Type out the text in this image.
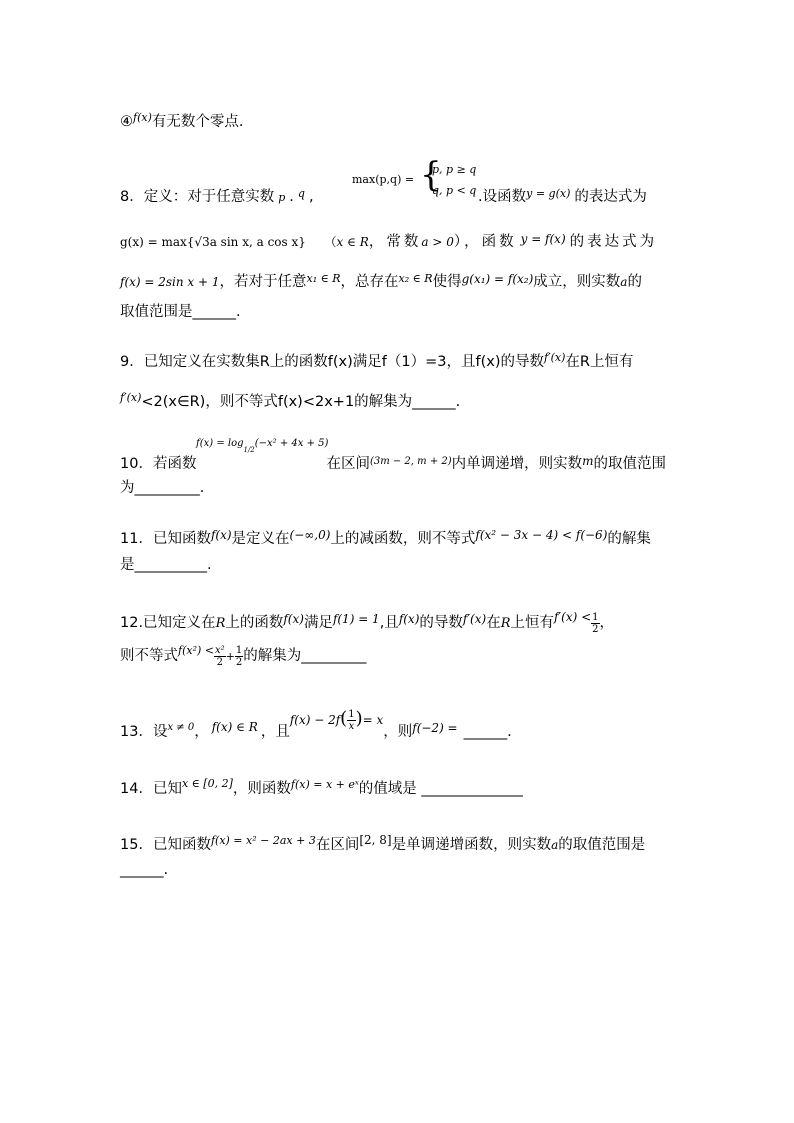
④$^{f(x)}$有无数个零点.
8．定义：对于任意实数 p . $^q$ ,
max(p,q) = {
p, p ≥ q
q, p < q .设函数$^{y = g(x)}$ 的表达式为
g(x) = max{√3a sin x, a cos x} （x ∈ R，常数a > 0），函数 $^{y = f(x)}$ 的表达式为
f(x) = 2sin x + 1，若对于任意$^{x_1 \in R}$，总存在$^{x_2 \in R}$使得$^{g(x_1) = f(x_2)}$成立，则实数a的
取值范围是______.
9．已知定义在实数集R上的函数f(x)满足f（1）=3，且f(x)的导数$^{f'(x)}$在R上恒有
$^{f'(x)}$<2(x∈R)，则不等式f(x)<2x+1的解集为______.
$f(x) = \log_{1/2}(-x^2 + 4x + 5)$
10．若函数	在区间$^{(3m - 2, m + 2)}$内单调递增，则实数$^m$的取值范围
为_________.
11．已知函数$^{f(x)}$是定义在$^{(-\infty,0)}$上的减函数，则不等式$^{f(x^2 - 3x - 4) < f(-6)}$的解集
是__________.
12.已知定义在R上的函数$^{f(x)}$满足$^{f(1) = 1}$,且$^{f(x)}$的导数$^{f'(x)}$在R上恒有$^{f'(x) <} \frac{1}{2}$ ，
则不等式$^{f(x^2) <} \frac{\text{x²}}{2} + \frac{1}{2}$ 的解集为_________
13．设$^{x \ne 0}$， $^{f(x) \in R}$ ，且$^{f(x) - 2f}( \frac{1}{x} )^{= x}$，则$^{f(-2) =}$ ______.
14．已知$^{x \in [0, 2]}$，则函数$^{f(x) = x + eˣ}$的值域是 ______________
15．已知函数$^{f(x) = x^2 - 2ax + 3}$在区间[2, 8]是单调递增函数，则实数a的取值范围是
______.
